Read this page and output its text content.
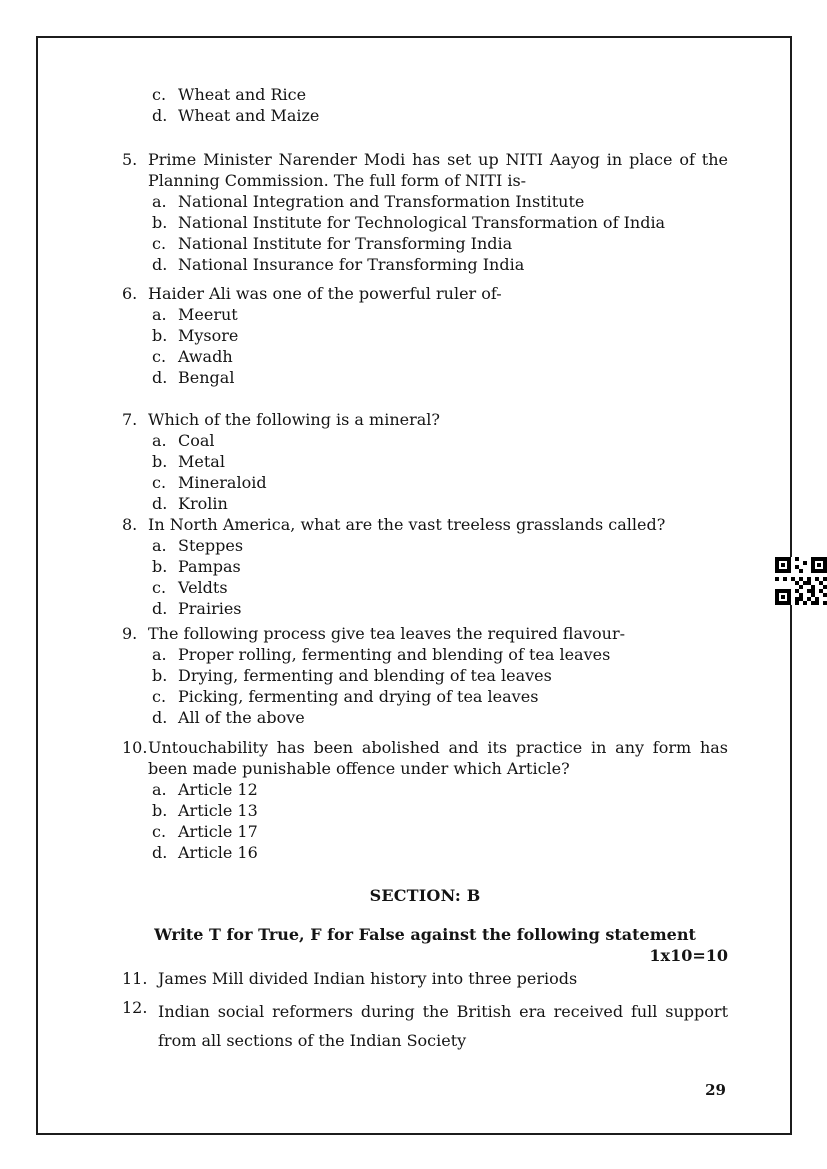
c. Wheat and Rice
d. Wheat and Maize
5. Prime Minister Narender Modi has set up NITI Aayog in place of the Planning Commission. The full form of NITI is-
a. National Integration and Transformation Institute
b. National Institute for Technological Transformation of India
c. National Institute for Transforming India
d. National Insurance for Transforming India
6. Haider Ali was one of the powerful ruler of-
a. Meerut
b. Mysore
c. Awadh
d. Bengal
7. Which of the following is a mineral?
a. Coal
b. Metal
c. Mineraloid
d. Krolin
8. In North America, what are the vast treeless grasslands called?
a. Steppes
b. Pampas
c. Veldts
d. Prairies
9. The following process give tea leaves the required flavour-
a. Proper rolling, fermenting and blending of tea leaves
b. Drying, fermenting and blending of tea leaves
c. Picking, fermenting and drying of tea leaves
d. All of the above
10. Untouchability has been abolished and its practice in any form has been made punishable offence under which Article?
a. Article 12
b. Article 13
c. Article 17
d. Article 16
SECTION: B
Write T for True, F for False against the following statement
1x10=10
11. James Mill divided Indian history into three periods
12. Indian social reformers during the British era received full support from all sections of the Indian Society
29
